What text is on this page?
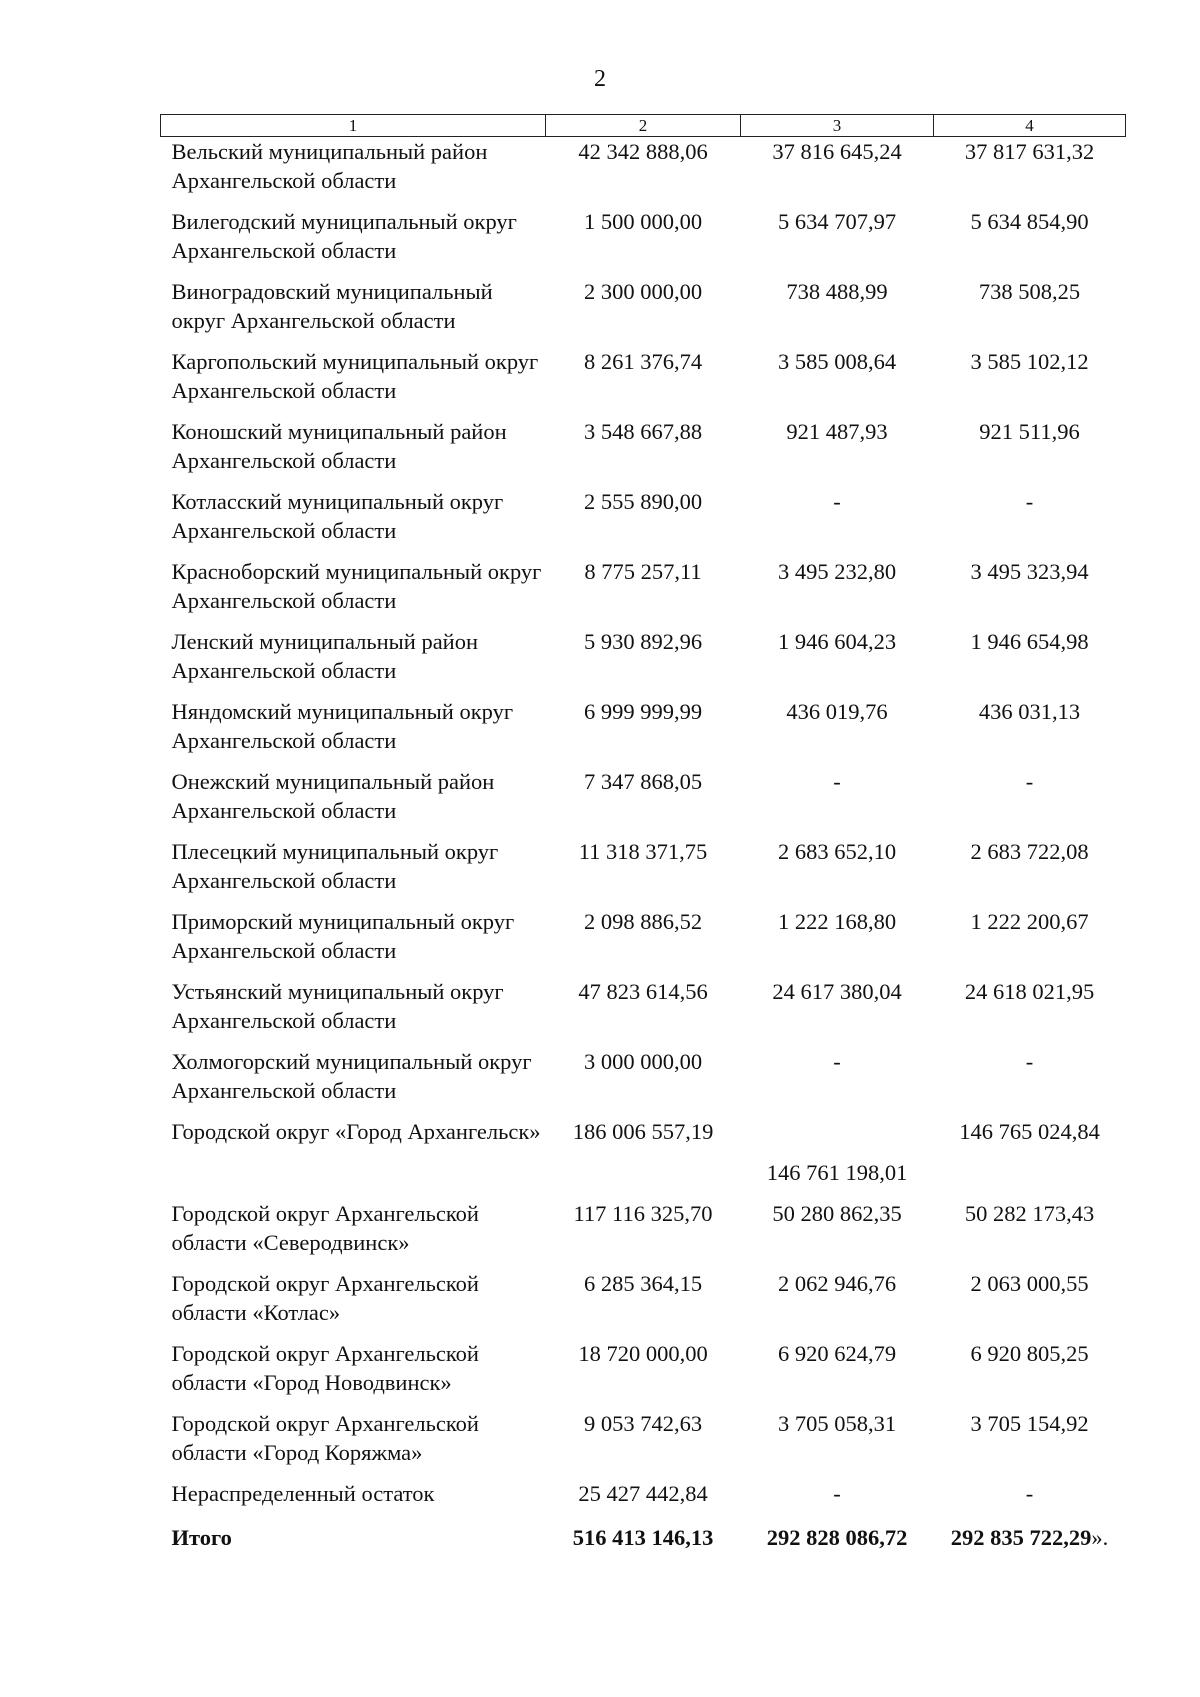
2
1	2	3	4
Вельский муниципальный район Архангельской области	42 342 888,06	37 816 645,24	37 817 631,32
Вилегодский муниципальный округ Архангельской области	1 500 000,00	5 634 707,97	5 634 854,90
Виноградовский муниципальный округ Архангельской области	2 300 000,00	738 488,99	738 508,25
Каргопольский муниципальный округ Архангельской области	8 261 376,74	3 585 008,64	3 585 102,12
Коношский муниципальный район Архангельской области	3 548 667,88	921 487,93	921 511,96
Котласский муниципальный округ Архангельской области	2 555 890,00	-	-
Красноборский муниципальный округ Архангельской области	8 775 257,11	3 495 232,80	3 495 323,94
Ленский муниципальный район Архангельской области	5 930 892,96	1 946 604,23	1 946 654,98
Няндомский муниципальный округ Архангельской области	6 999 999,99	436 019,76	436 031,13
Онежский муниципальный район Архангельской области	7 347 868,05	-	-
Плесецкий муниципальный округ Архангельской области	11 318 371,75	2 683 652,10	2 683 722,08
Приморский муниципальный округ Архангельской области	2 098 886,52	1 222 168,80	1 222 200,67
Устьянский муниципальный округ Архангельской области	47 823 614,56	24 617 380,04	24 618 021,95
Холмогорский муниципальный округ Архангельской области	3 000 000,00	-	-
Городской округ «Город Архангельск»	186 006 557,19	146 761 198,01	146 765 024,84
Городской округ Архангельской области «Северодвинск»	117 116 325,70	50 280 862,35	50 282 173,43
Городской округ Архангельской области «Котлас»	6 285 364,15	2 062 946,76	2 063 000,55
Городской округ Архангельской области «Город Новодвинск»	18 720 000,00	6 920 624,79	6 920 805,25
Городской округ Архангельской области «Город Коряжма»	9 053 742,63	3 705 058,31	3 705 154,92
Нераспределенный остаток	25 427 442,84	-	-
Итого	516 413 146,13	292 828 086,72	292 835 722,29».
